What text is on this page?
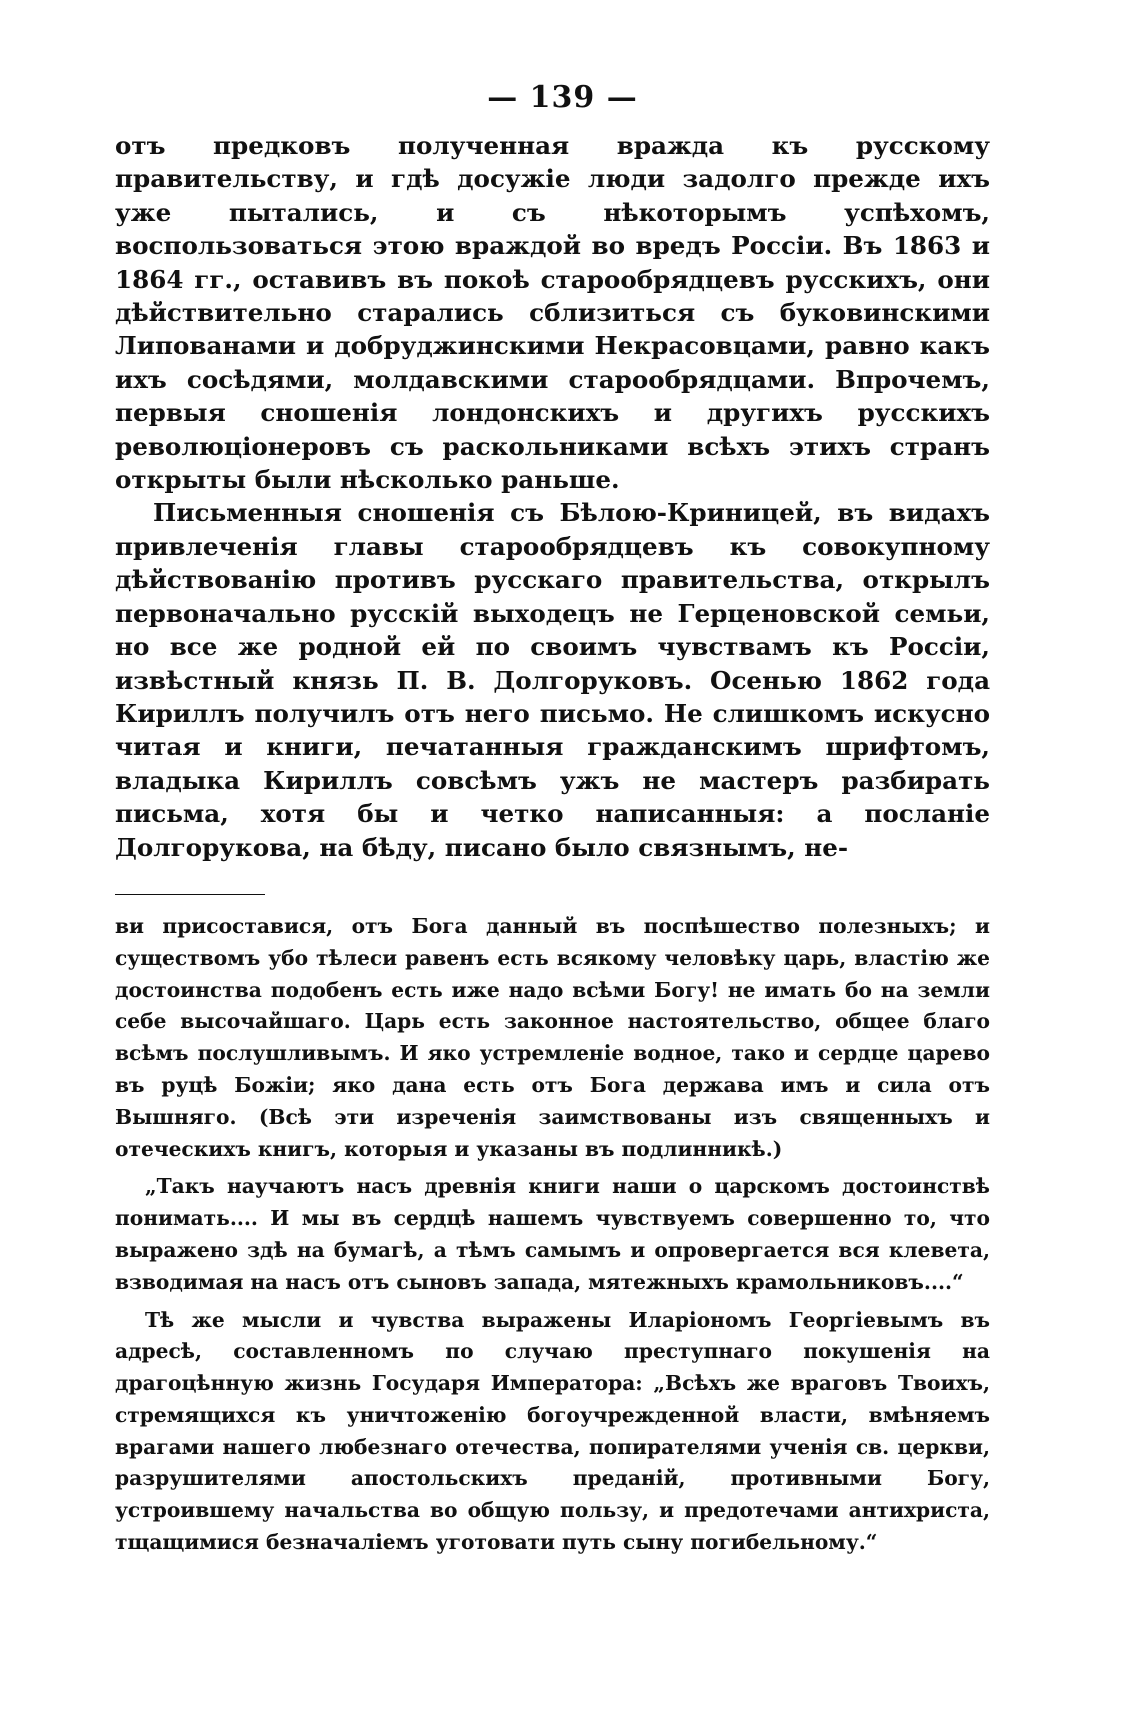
— 139 —

отъ предковъ полученная вражда къ русскому правительству, и гдѣ досужіе люди задолго прежде ихъ уже пытались, и съ нѣкоторымъ успѣхомъ, воспользоваться этою враждой во вредъ Россіи. Въ 1863 и 1864 гг., оставивъ въ покоѣ старообрядцевъ русскихъ, они дѣйствительно старались сблизиться съ буковинскими Липованами и добруджинскими Некрасовцами, равно какъ ихъ сосѣдями, молдавскими старообрядцами. Впрочемъ, первыя сношенія лондонскихъ и другихъ русскихъ революціонеровъ съ раскольниками всѣхъ этихъ странъ открыты были нѣсколько раньше.

Письменныя сношенія съ Бѣлою-Криницей, въ видахъ привлеченія главы старообрядцевъ къ совокупному дѣйствованію противъ русскаго правительства, открылъ первоначально русскій выходецъ не Герценовской семьи, но все же родной ей по своимъ чувствамъ къ Россіи, извѣстный князь П. В. Долгоруковъ. Осенью 1862 года Кириллъ получилъ отъ него письмо. Не слишкомъ искусно читая и книги, печатанныя гражданскимъ шрифтомъ, владыка Кириллъ совсѣмъ ужъ не мастеръ разбирать письма, хотя бы и четко написанныя: а посланіе Долгорукова, на бѣду, писано было связнымъ, не-

ви присоставися, отъ Бога данный въ поспѣшество полезныхъ; и существомъ убо тѣлеси равенъ есть всякому человѣку царь, властію же достоинства подобенъ есть иже надо всѣми Богу! не имать бо на земли себе высочайшаго. Царь есть законное настоятельство, общее благо всѣмъ послушливымъ. И яко устремленіе водное, тако и сердце царево въ руцѣ Божіи; яко дана есть отъ Бога держава имъ и сила отъ Вышняго. (Всѣ эти изреченія заимствованы изъ священныхъ и отеческихъ книгъ, которыя и указаны въ подлинникѣ.)

„Такъ научаютъ насъ древнія книги наши о царскомъ достоинствѣ понимать.... И мы въ сердцѣ нашемъ чувствуемъ совершенно то, что выражено здѣ на бумагѣ, а тѣмъ самымъ и опровергается вся клевета, взводимая на насъ отъ сыновъ запада, мятежныхъ крамольниковъ....“

Тѣ же мысли и чувства выражены Иларіономъ Георгіевымъ въ адресѣ, составленномъ по случаю преступнаго покушенія на драгоцѣнную жизнь Государя Императора: „Всѣхъ же враговъ Твоихъ, стремящихся къ уничтоженію богоучрежденной власти, вмѣняемъ врагами нашего любезнаго отечества, попирателями ученія св. церкви, разрушителями апостольскихъ преданій, противными Богу, устроившему начальства во общую пользу, и предотечами антихриста, тщащимися безначаліемъ уготовати путь сыну погибельному.“
